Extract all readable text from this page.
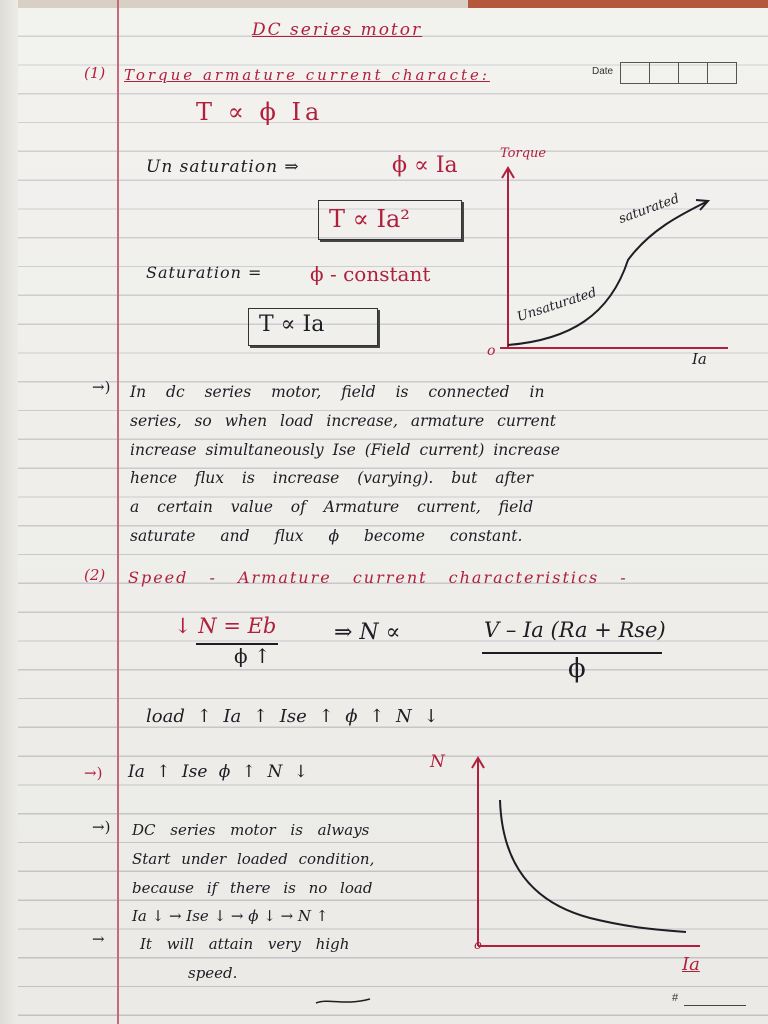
DC series motor
Date
(1) Torque armature current characte:
T ∝ ϕ Ia
Un saturation ⇒	ϕ ∝ Ia
T ∝ Ia²
Saturation = ϕ - constant
T ∝ Ia
Torque
Ia
o
Unsaturated
saturated
→) In dc series motor, field is connected in
series, so when load increase, armature current
increase simultaneously Ise (Field current) increase
hence flux is increase (varying). but after
a certain value of Armature current, field
saturate and flux ϕ become constant.
(2) Speed - Armature current characteristics -
↓ N = Eb
ϕ ↑
⇒ N ∝	V – Ia (Ra + Rse)
ϕ
load ↑ Ia ↑ Ise ↑ ϕ ↑ N ↓
→) Ia ↑ Ise ϕ ↑ N ↓
→) DC series motor is always
Start under loaded condition,
because if there is no load
Ia ↓ → Ise ↓ → ϕ ↓ → N ↑
→ It will attain very high
speed.
N
Ia
o
#
